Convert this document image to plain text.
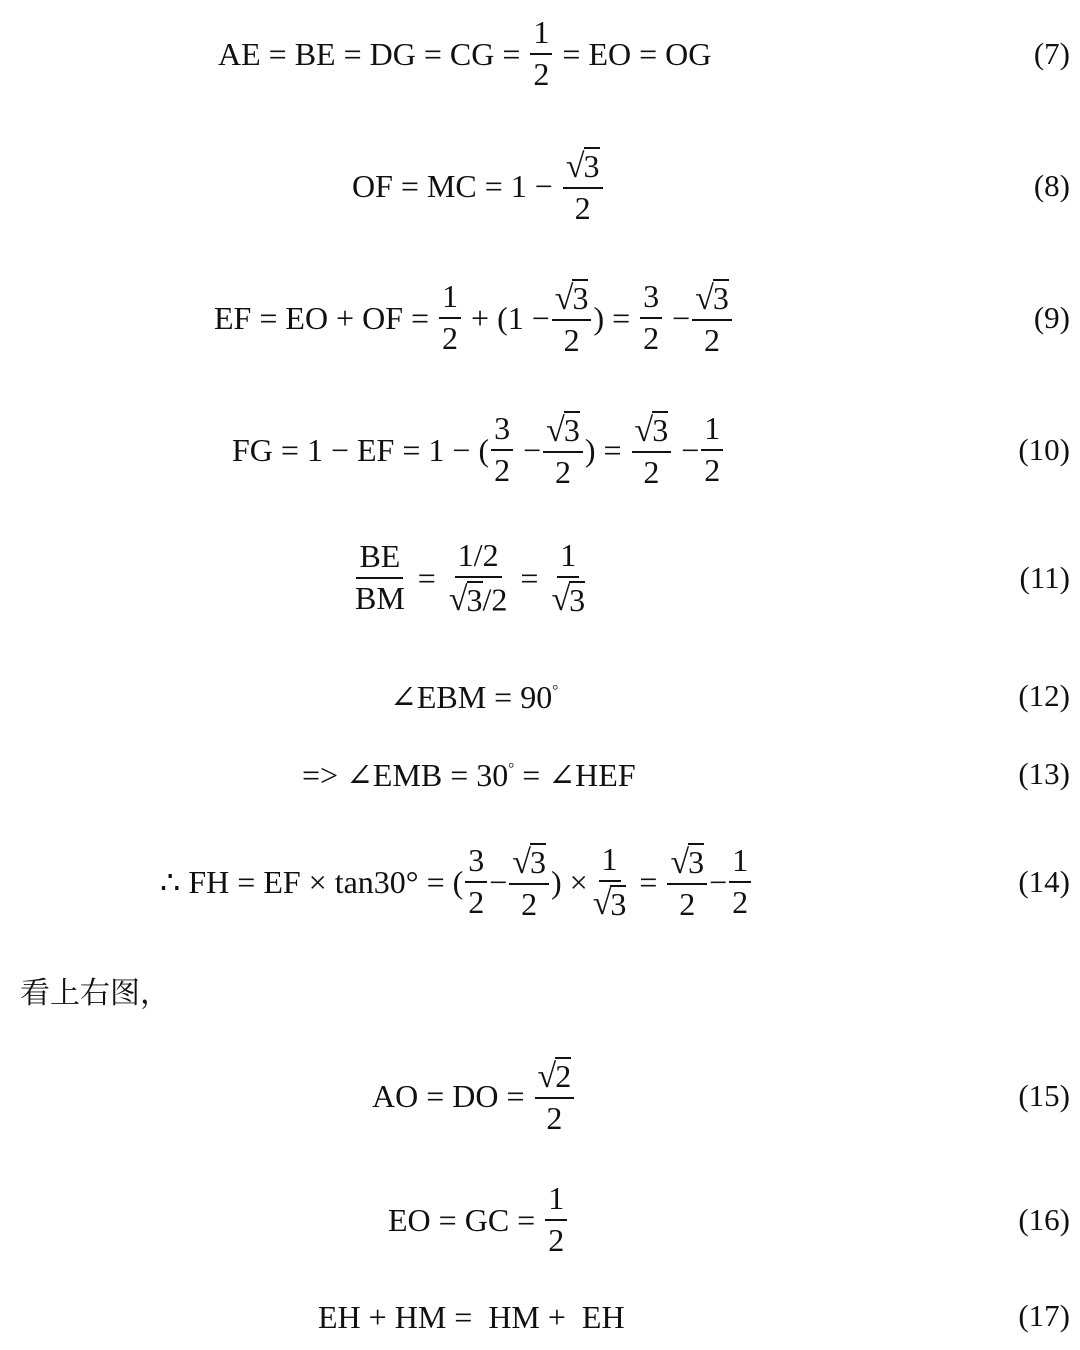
AE = BE = DG = CG = $\frac{1}{2}$ = EO = OG	(7)
OF = MC = $1 - \frac{√ 3}{2}$	(8)
EF = EO + OF = $\frac{1}{2} + (1 - \frac{√ 3}{2}$ ) = $\frac{3}{2} - \frac{√ 3}{2}$	(9)
FG = 1 − EF = 1 − ( $\frac{3}{2} - \frac{√ 3}{2}$ ) = $\frac{√ 3}{2} - \frac{1}{2}$	(10)
$\frac{BE}{BM} = \frac{1/2}{√ 3 /2} = \frac{1}{√ 3}$	(11)
∠EBM = 90°	(12)
=> ∠EMB = 30° = ∠HEF	(13)
∴ FH = EF × tan30° = ( $\frac{3}{2} - \frac{√ 3}{2}$ ) × $\frac{1}{√ 3} = \frac{√ 3}{2} - \frac{1}{2}$	(14)
看上右图，
AO = DO = $\frac{√ 2}{2}$	(15)
EO = GC = $\frac{1}{2}$	(16)
EH + HM =  HM +  EH	(17)
